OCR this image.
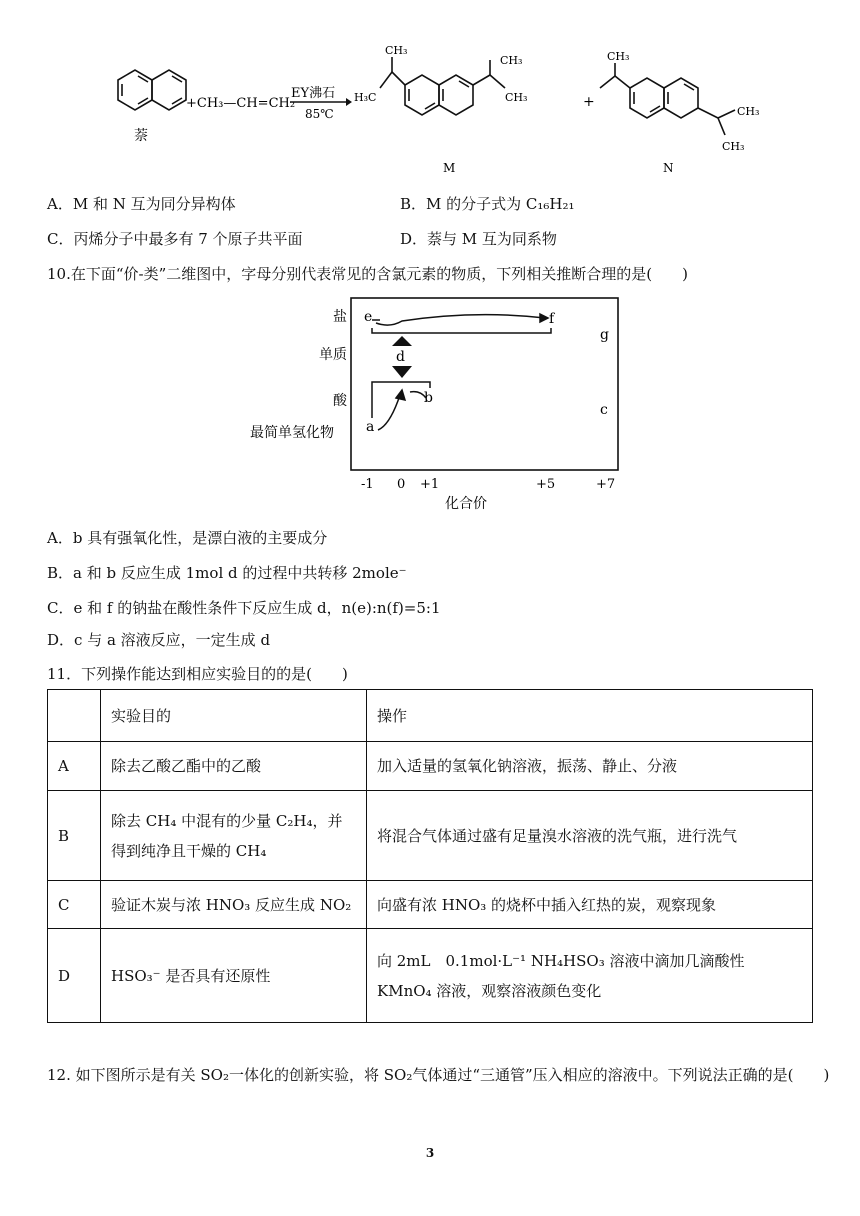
萘
+CH₃—CH=CH₂
EY沸石
85℃
CH₃
H₃C
CH₃
CH₃
M
+
CH₃
CH₃
CH₃
N
A．M 和 N 互为同分异构体	B．M 的分子式为 C₁₆H₂₁
C．丙烯分子中最多有 7 个原子共平面	D．萘与 M 互为同系物
10.在下面“价-类”二维图中，字母分别代表常见的含氯元素的物质，下列相关推断合理的是(　　)
盐
单质
酸
最简单氢化物
-1 0 +1	+5	+7
化合价
e	f
g
d
b
c
a
A．b 具有强氧化性，是漂白液的主要成分
B．a 和 b 反应生成 1mol d 的过程中共转移 2mole⁻
C．e 和 f 的钠盐在酸性条件下反应生成 d，n(e):n(f)=5:1
D．c 与 a 溶液反应，一定生成 d
11．下列操作能达到相应实验目的的是(　　)
	实验目的	操作
A	除去乙酸乙酯中的乙酸	加入适量的氢氧化钠溶液，振荡、静止、分液
B	除去 CH₄ 中混有的少量 C₂H₄，并得到纯净且干燥的 CH₄	将混合气体通过盛有足量溴水溶液的洗气瓶，进行洗气
C	验证木炭与浓 HNO₃ 反应生成 NO₂	向盛有浓 HNO₃ 的烧杯中插入红热的炭，观察现象
D	HSO₃⁻ 是否具有还原性	向 2mL　0.1mol·L⁻¹ NH₄HSO₃ 溶液中滴加几滴酸性 KMnO₄ 溶液，观察溶液颜色变化
12. 如下图所示是有关 SO₂一体化的创新实验，将 SO₂气体通过“三通管”压入相应的溶液中。下列说法正确的是(　　)
3
